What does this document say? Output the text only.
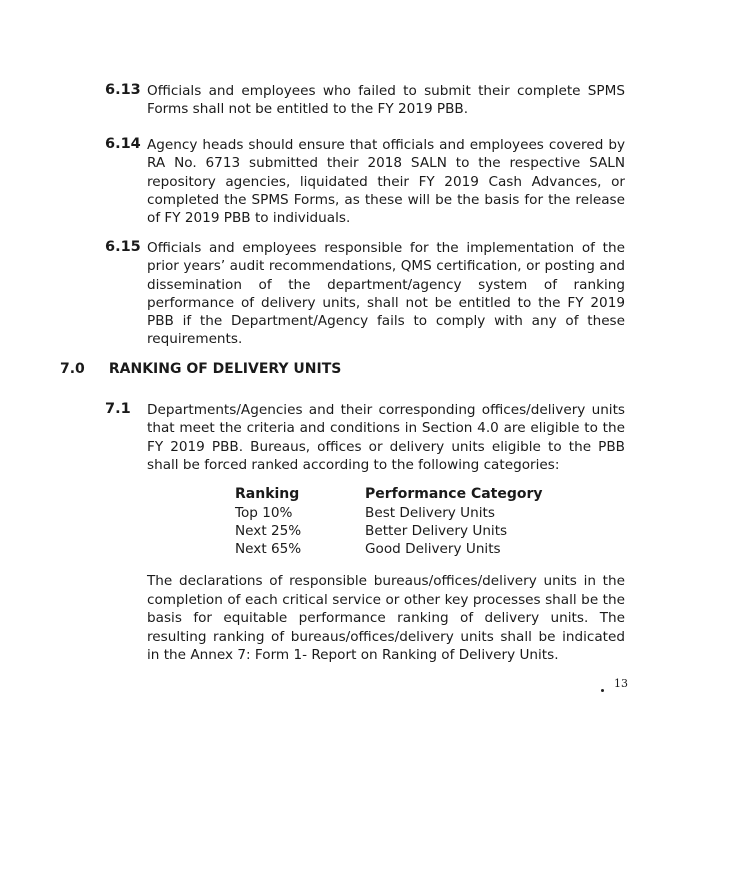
6.13 Officials and employees who failed to submit their complete SPMS Forms shall not be entitled to the FY 2019 PBB.
6.14 Agency heads should ensure that officials and employees covered by RA No. 6713 submitted their 2018 SALN to the respective SALN repository agencies, liquidated their FY 2019 Cash Advances, or completed the SPMS Forms, as these will be the basis for the release of FY 2019 PBB to individuals.
6.15 Officials and employees responsible for the implementation of the prior years’ audit recommendations, QMS certification, or posting and dissemination of the department/agency system of ranking performance of delivery units, shall not be entitled to the FY 2019 PBB if the Department/Agency fails to comply with any of these requirements.
7.0 RANKING OF DELIVERY UNITS
7.1 Departments/Agencies and their corresponding offices/delivery units that meet the criteria and conditions in Section 4.0 are eligible to the FY 2019 PBB. Bureaus, offices or delivery units eligible to the PBB shall be forced ranked according to the following categories:
Ranking	Performance Category
Top 10%	Best Delivery Units
Next 25%	Better Delivery Units
Next 65%	Good Delivery Units
The declarations of responsible bureaus/offices/delivery units in the completion of each critical service or other key processes shall be the basis for equitable performance ranking of delivery units. The resulting ranking of bureaus/offices/delivery units shall be indicated in the Annex 7: Form 1- Report on Ranking of Delivery Units.
13
